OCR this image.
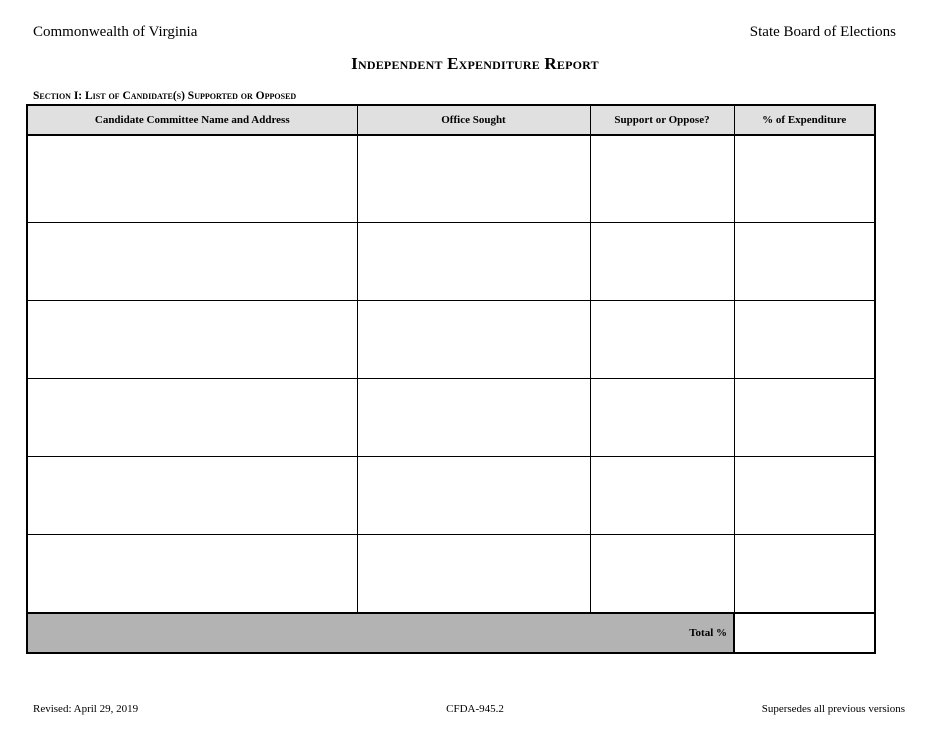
Commonwealth of Virginia	State Board of Elections
Independent Expenditure Report
Section I: List of Candidate(s) Supported or Opposed
Candidate Committee Name and Address	Office Sought	Support or Oppose?	% of Expenditure

Total %			
Revised: April 29, 2019	CFDA-945.2	Supersedes all previous versions
